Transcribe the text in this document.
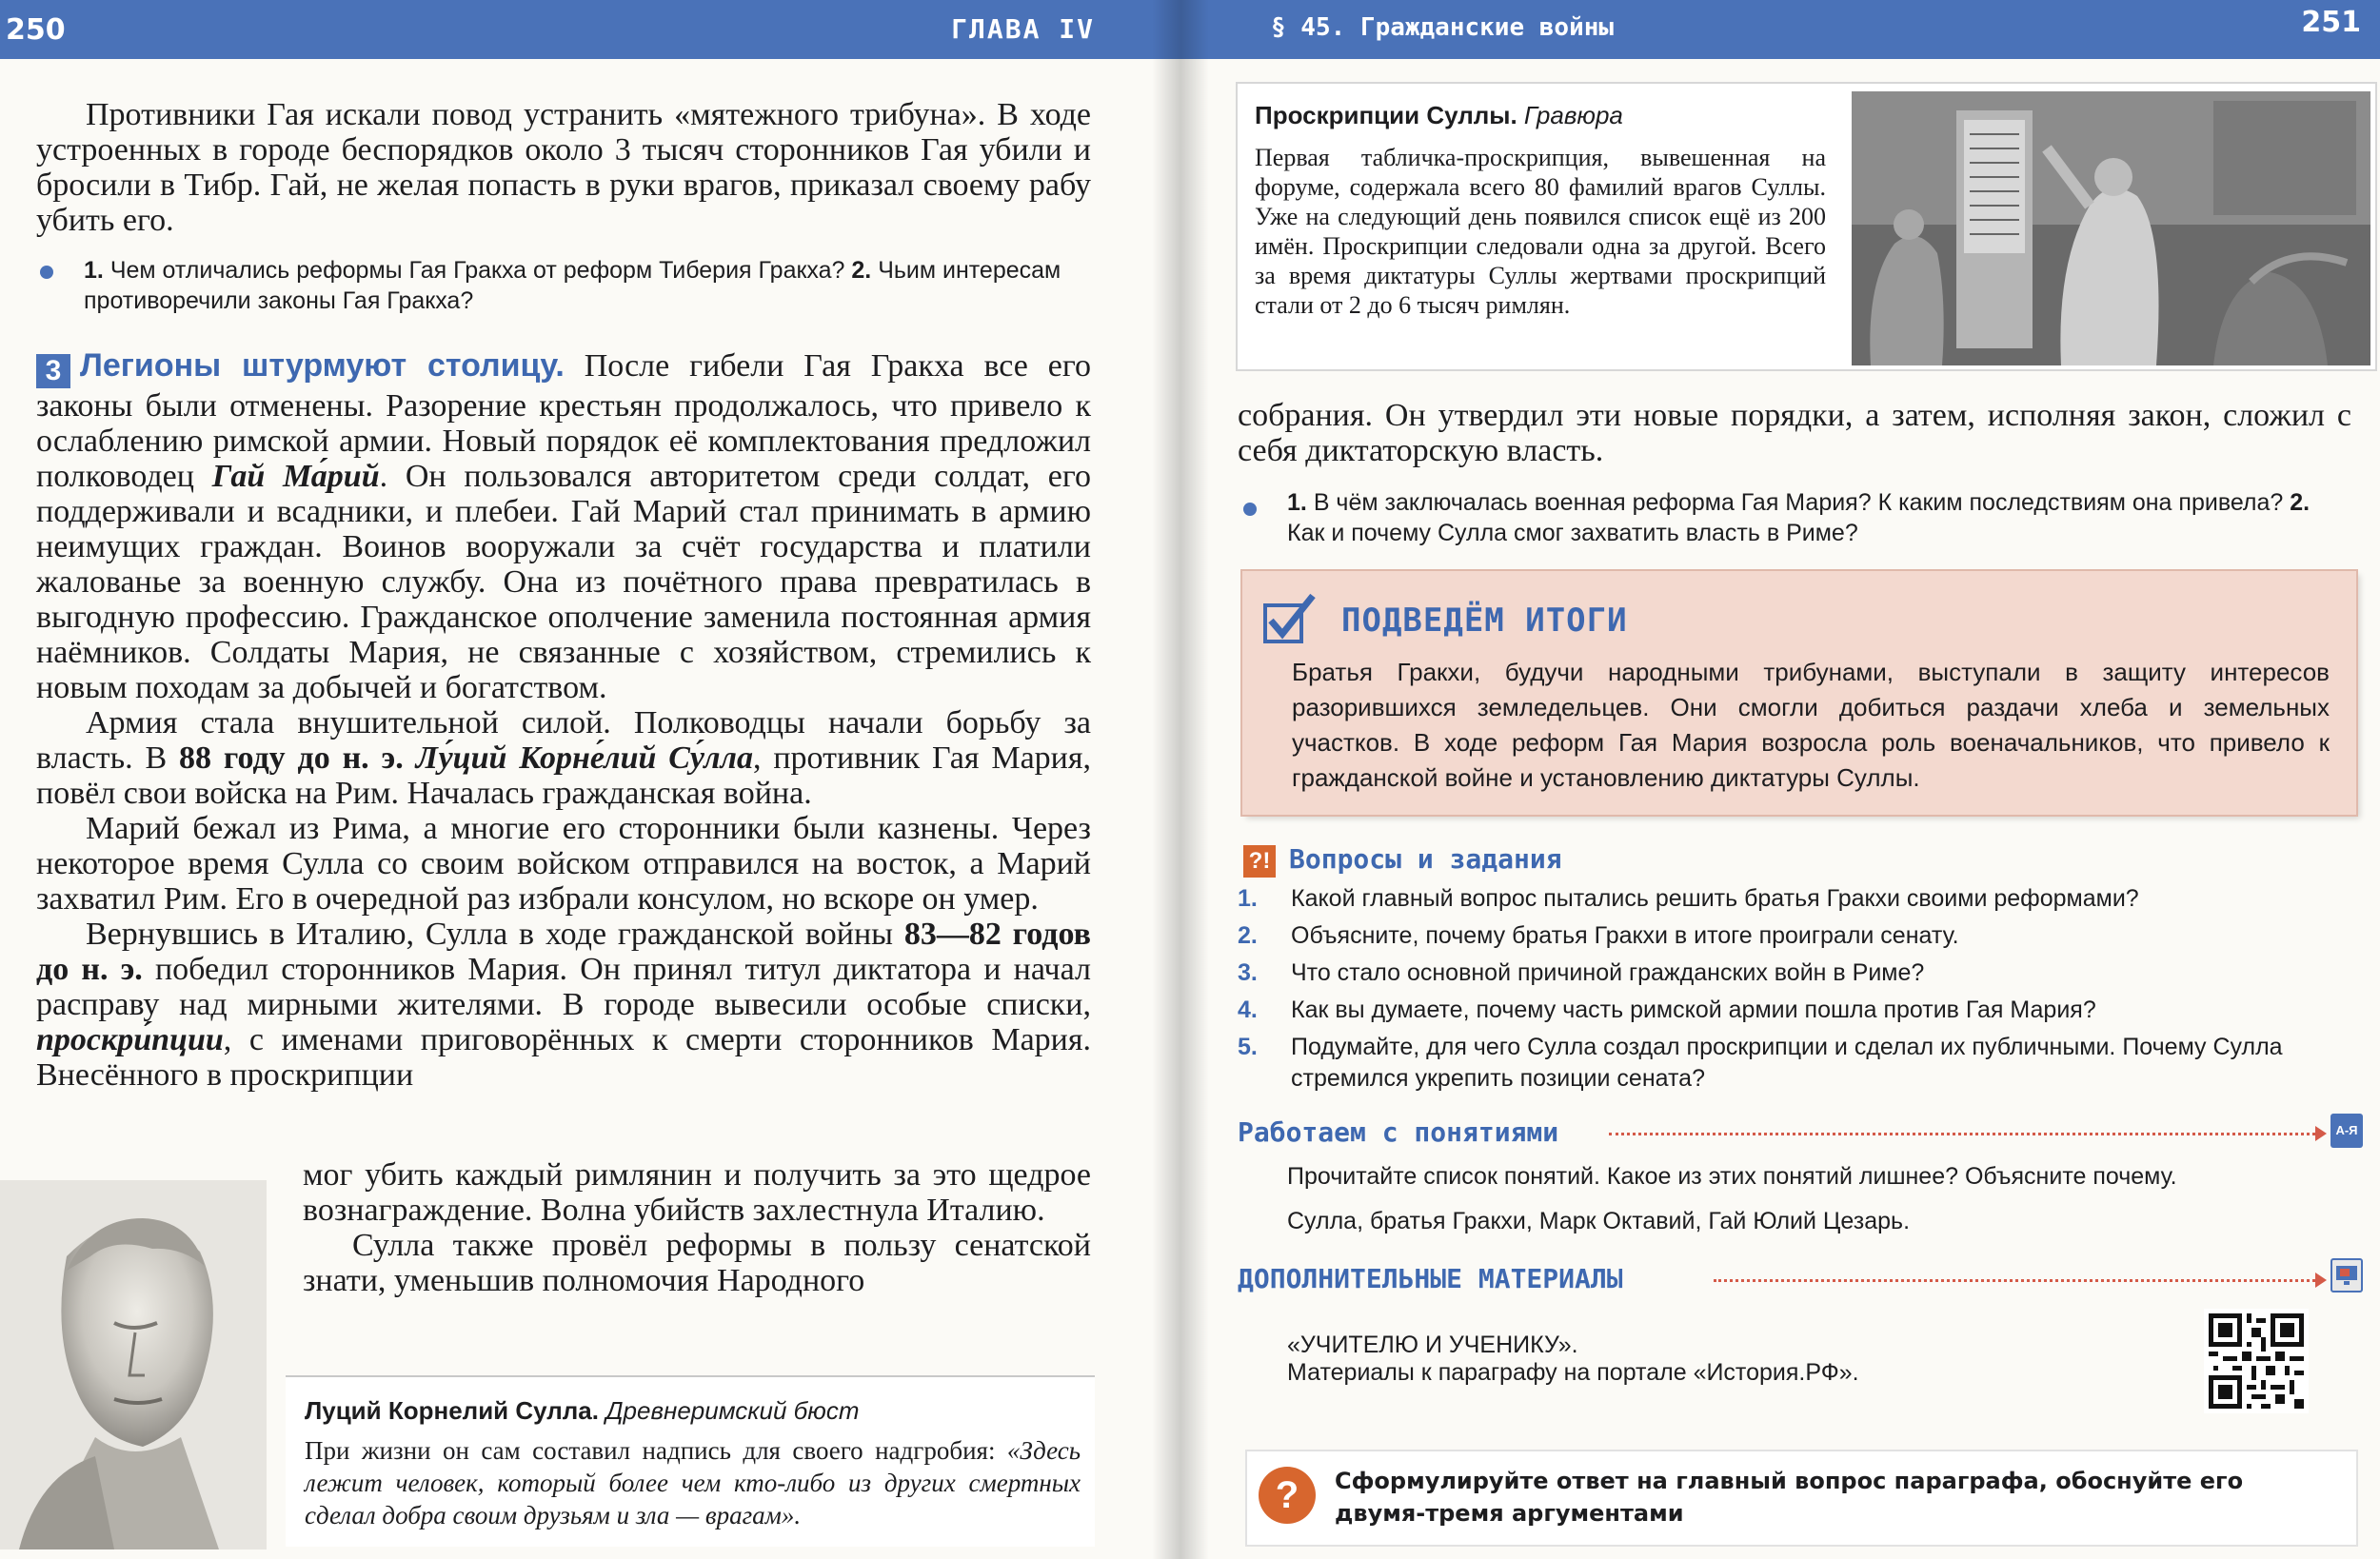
250	ГЛАВА IV
Противники Гая искали повод устранить «мятежного трибуна». В ходе устроенных в городе беспорядков около 3 тысяч сторонников Гая убили и бросили в Тибр. Гай, не желая попасть в руки врагов, приказал своему рабу убить его.
1. Чем отличались реформы Гая Гракха от реформ Тиберия Гракха? 2. Чьим интересам противоречили законы Гая Гракха?

3 Легионы штурмуют столицу. После гибели Гая Гракха все его законы были отменены. Разорение крестьян продолжалось, что привело к ослаблению римской армии. Новый порядок её комплектования предложил полководец Гай Ма́рий. Он пользовался авторитетом среди солдат, его поддерживали и всадники, и плебеи. Гай Марий стал принимать в армию неимущих граждан. Воинов вооружали за счёт государства и платили жалованье за военную службу. Она из почётного права превратилась в выгодную профессию. Гражданское ополчение заменила постоянная армия наёмников. Солдаты Мария, не связанные с хозяйством, стремились к новым походам за добычей и богатством.

Армия стала внушительной силой. Полководцы начали борьбу за власть. В 88 году до н. э. Лу́ций Корне́лий Су́лла, противник Гая Мария, повёл свои войска на Рим. Началась гражданская война.

Марий бежал из Рима, а многие его сторонники были казнены. Через некоторое время Сулла со своим войском отправился на восток, а Марий захватил Рим. Его в очередной раз избрали консулом, но вскоре он умер.

Вернувшись в Италию, Сулла в ходе гражданской войны 83—82 годов до н. э. победил сторонников Мария. Он принял титул диктатора и начал расправу над мирными жителями. В городе вывесили особые списки, проскри́пции, с именами приговорённых к смерти сторонников Мария. Внесённого в проскрипции

мог убить каждый римлянин и получить за это щедрое вознаграждение. Волна убийств захлестнула Италию.

Сулла также провёл реформы в пользу сенатской знати, уменьшив полномочия Народного

Луций Корнелий Сулла. Древнеримский бюст
При жизни он сам составил надпись для своего надгробия: «Здесь лежит человек, который более чем кто-либо из других смертных сделал добра своим друзьям и зла — врагам».
§ 45. Гражданские войны	251
Проскрипции Суллы. Гравюра
Первая табличка-проскрипция, вывешенная на форуме, содержала всего 80 фамилий врагов Суллы. Уже на следующий день появился список ещё из 200 имён. Проскрипции следовали одна за другой. Всего за время диктатуры Суллы жертвами проскрипций стали от 2 до 6 тысяч римлян.
собрания. Он утвердил эти новые порядки, а затем, исполняя закон, сложил с себя диктаторскую власть.
1. В чём заключалась военная реформа Гая Мария? К каким последствиям она привела? 2. Как и почему Сулла смог захватить власть в Риме?
ПОДВЕДЁМ ИТОГИ
Братья Гракхи, будучи народными трибунами, выступали в защиту интересов разорившихся земледельцев. Они смогли добиться раздачи хлеба и земельных участков. В ходе реформ Гая Мария возросла роль военачальников, что привело к гражданской войне и установлению диктатуры Суллы.
?! Вопросы и задания
1. Какой главный вопрос пытались решить братья Гракхи своими реформами?
2. Объясните, почему братья Гракхи в итоге проиграли сенату.
3. Что стало основной причиной гражданских войн в Риме?
4. Как вы думаете, почему часть римской армии пошла против Гая Мария?
5. Подумайте, для чего Сулла создал проскрипции и сделал их публичными. Почему Сулла стремился укрепить позиции сената?
Работаем с понятиями	А-Я
Прочитайте список понятий. Какое из этих понятий лишнее? Объясните почему.
Сулла, братья Гракхи, Марк Октавий, Гай Юлий Цезарь.
ДОПОЛНИТЕЛЬНЫЕ МАТЕРИАЛЫ
«УЧИТЕЛЮ И УЧЕНИКУ».
Материалы к параграфу на портале «История.РФ».
?	Сформулируйте ответ на главный вопрос параграфа, обоснуйте его двумя-тремя аргументами
